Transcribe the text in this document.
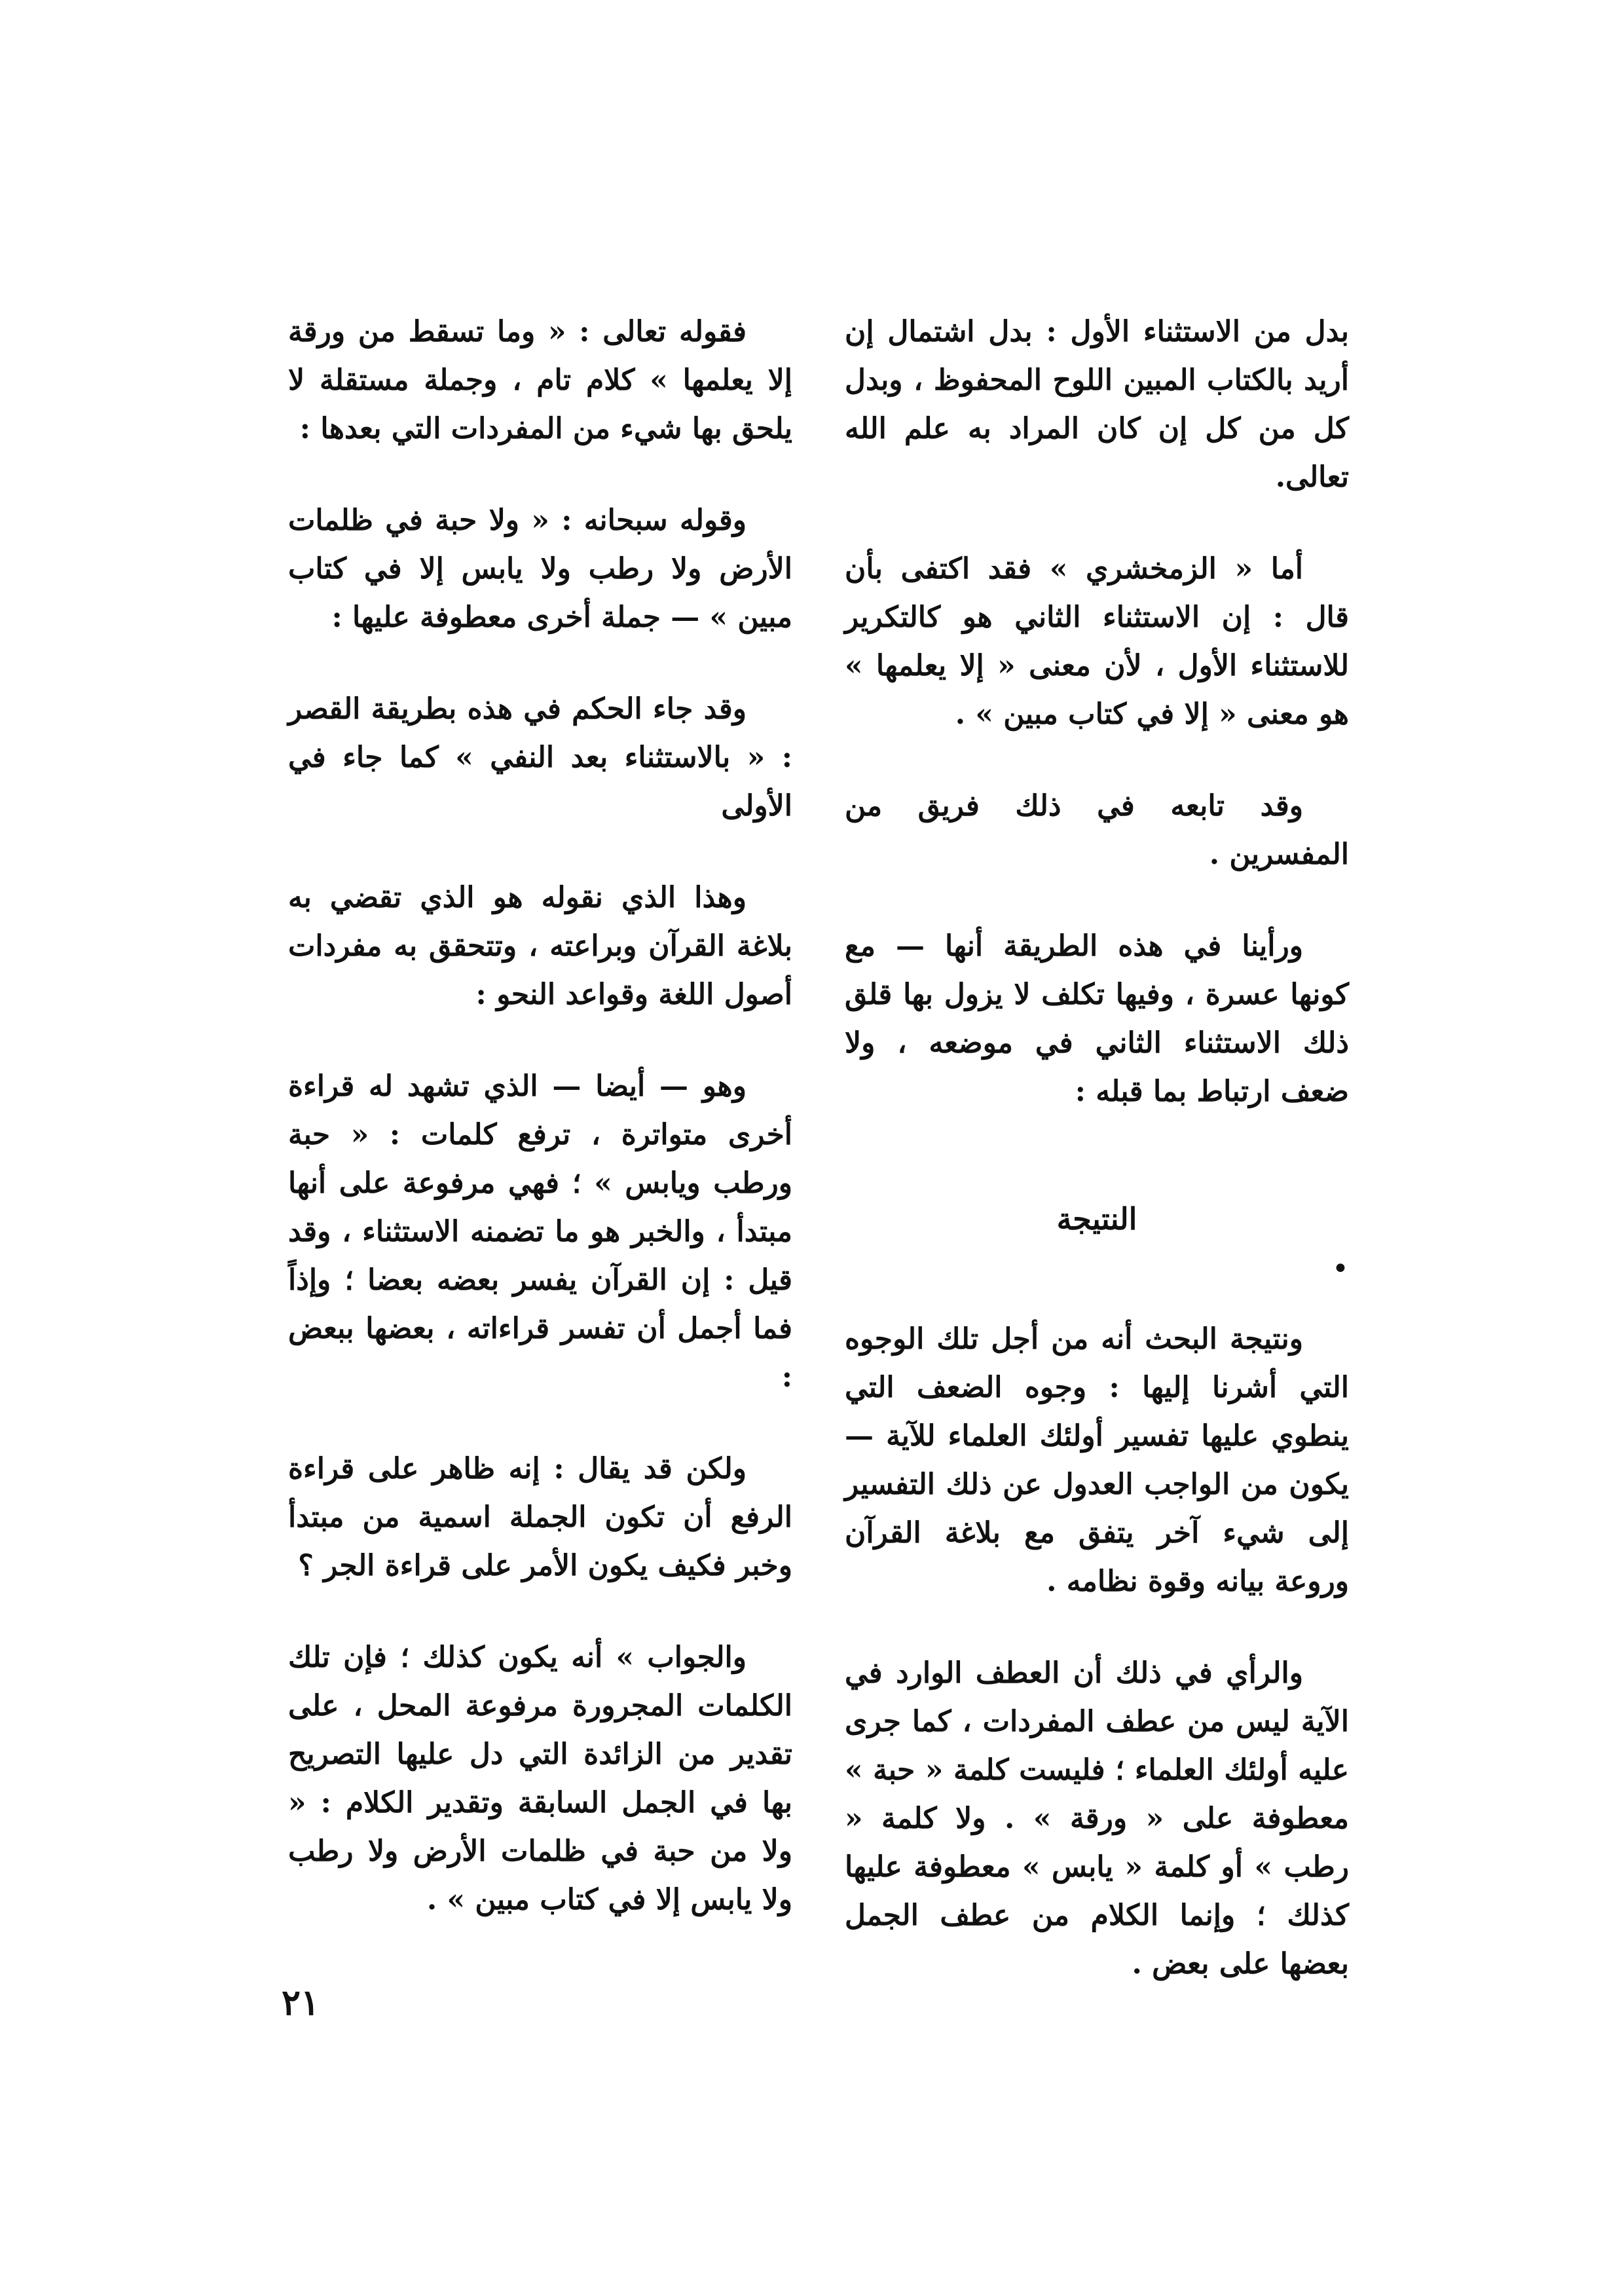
بدل من الاستثناء الأول : بدل اشتمال إن أريد بالكتاب المبين اللوح المحفوظ ، وبدل كل من كل إن كان المراد به علم الله تعالى.

أما « الزمخشري » فقد اكتفى بأن قال : إن الاستثناء الثاني هو كالتكرير للاستثناء الأول ، لأن معنى « إلا يعلمها » هو معنى « إلا في كتاب مبين » .

وقد تابعه في ذلك فريق من المفسرين .

ورأينا في هذه الطريقة أنها — مع كونها عسرة ، وفيها تكلف لا يزول بها قلق ذلك الاستثناء الثاني في موضعه ، ولا ضعف ارتباط بما قبله :

النتيجة
•

ونتيجة البحث أنه من أجل تلك الوجوه التي أشرنا إليها : وجوه الضعف التي ينطوي عليها تفسير أولئك العلماء للآية — يكون من الواجب العدول عن ذلك التفسير إلى شيء آخر يتفق مع بلاغة القرآن وروعة بيانه وقوة نظامه .

والرأي في ذلك أن العطف الوارد في الآية ليس من عطف المفردات ، كما جرى عليه أولئك العلماء ؛ فليست كلمة « حبة » معطوفة على « ورقة » . ولا كلمة « رطب » أو كلمة « يابس » معطوفة عليها كذلك ؛ وإنما الكلام من عطف الجمل بعضها على بعض .

فقوله تعالى : « وما تسقط من ورقة إلا يعلمها » كلام تام ، وجملة مستقلة لا يلحق بها شيء من المفردات التي بعدها :

وقوله سبحانه : « ولا حبة في ظلمات الأرض ولا رطب ولا يابس إلا في كتاب مبين » — جملة أخرى معطوفة عليها :

وقد جاء الحكم في هذه بطريقة القصر : « بالاستثناء بعد النفي » كما جاء في الأولى

وهذا الذي نقوله هو الذي تقضي به بلاغة القرآن وبراعته ، وتتحقق به مفردات أصول اللغة وقواعد النحو :

وهو — أيضا — الذي تشهد له قراءة أخرى متواترة ، ترفع كلمات : « حبة ورطب ويابس » ؛ فهي مرفوعة على أنها مبتدأ ، والخبر هو ما تضمنه الاستثناء ، وقد قيل : إن القرآن يفسر بعضه بعضا ؛ وإذاً فما أجمل أن تفسر قراءاته ، بعضها ببعض :

ولكن قد يقال : إنه ظاهر على قراءة الرفع أن تكون الجملة اسمية من مبتدأ وخبر فكيف يكون الأمر على قراءة الجر ؟

والجواب » أنه يكون كذلك ؛ فإن تلك الكلمات المجرورة مرفوعة المحل ، على تقدير من الزائدة التي دل عليها التصريح بها في الجمل السابقة وتقدير الكلام : « ولا من حبة في ظلمات الأرض ولا رطب ولا يابس إلا في كتاب مبين » .

٢١
